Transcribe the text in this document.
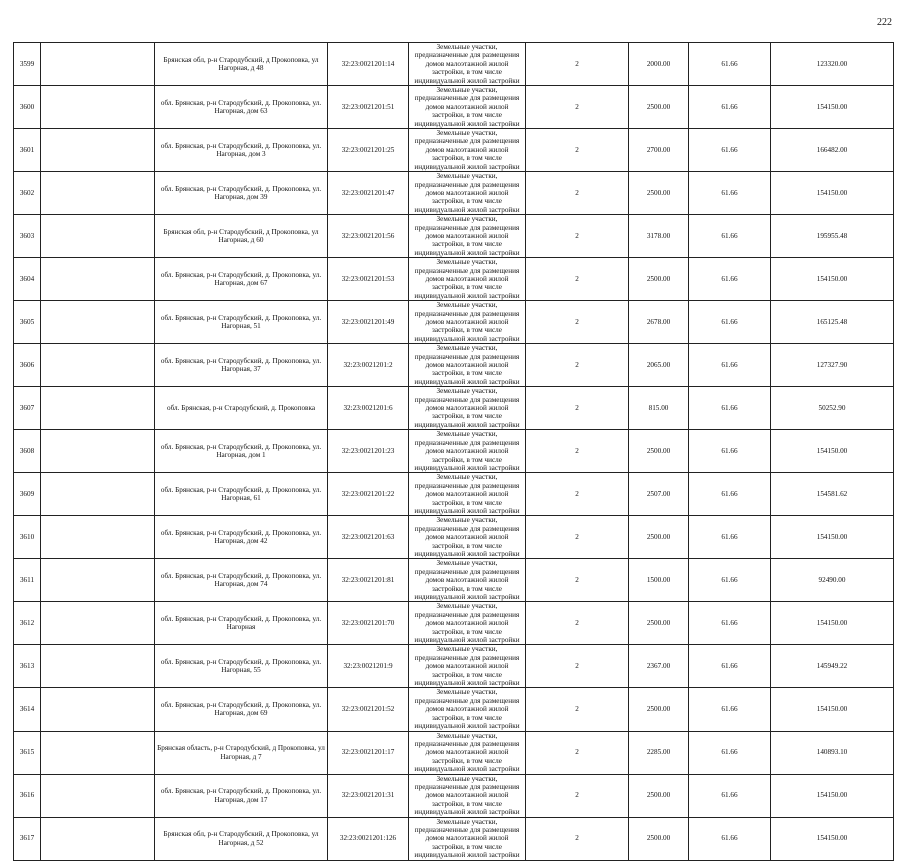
222
3599		Брянская обл, р-н Стародубский, д Прокоповка, ул Нагорная, д 48	32:23:0021201:14	Земельные участки, предназначенные для размещения домов малоэтажной жилой застройки, в том числе индивидуальной жилой застройки	2	2000.00	61.66	123320.00
3600		обл. Брянская, р-н Стародубский, д. Прокоповка, ул. Нагорная, дом 63	32:23:0021201:51	Земельные участки, предназначенные для размещения домов малоэтажной жилой застройки, в том числе индивидуальной жилой застройки	2	2500.00	61.66	154150.00
3601		обл. Брянская, р-н Стародубский, д. Прокоповка, ул. Нагорная, дом 3	32:23:0021201:25	Земельные участки, предназначенные для размещения домов малоэтажной жилой застройки, в том числе индивидуальной жилой застройки	2	2700.00	61.66	166482.00
3602		обл. Брянская, р-н Стародубский, д. Прокоповка, ул. Нагорная, дом 39	32:23:0021201:47	Земельные участки, предназначенные для размещения домов малоэтажной жилой застройки, в том числе индивидуальной жилой застройки	2	2500.00	61.66	154150.00
3603		Брянская обл, р-н Стародубский, д Прокоповка, ул Нагорная, д 60	32:23:0021201:56	Земельные участки, предназначенные для размещения домов малоэтажной жилой застройки, в том числе индивидуальной жилой застройки	2	3178.00	61.66	195955.48
3604		обл. Брянская, р-н Стародубский, д. Прокоповка, ул. Нагорная, дом 67	32:23:0021201:53	Земельные участки, предназначенные для размещения домов малоэтажной жилой застройки, в том числе индивидуальной жилой застройки	2	2500.00	61.66	154150.00
3605		обл. Брянская, р-н Стародубский, д. Прокоповка, ул. Нагорная, 51	32:23:0021201:49	Земельные участки, предназначенные для размещения домов малоэтажной жилой застройки, в том числе индивидуальной жилой застройки	2	2678.00	61.66	165125.48
3606		обл. Брянская, р-н Стародубский, д. Прокоповка, ул. Нагорная, 37	32:23:0021201:2	Земельные участки, предназначенные для размещения домов малоэтажной жилой застройки, в том числе индивидуальной жилой застройки	2	2065.00	61.66	127327.90
3607		обл. Брянская, р-н Стародубский, д. Прокоповка	32:23:0021201:6	Земельные участки, предназначенные для размещения домов малоэтажной жилой застройки, в том числе индивидуальной жилой застройки	2	815.00	61.66	50252.90
3608		обл. Брянская, р-н Стародубский, д. Прокоповка, ул. Нагорная, дом 1	32:23:0021201:23	Земельные участки, предназначенные для размещения домов малоэтажной жилой застройки, в том числе индивидуальной жилой застройки	2	2500.00	61.66	154150.00
3609		обл. Брянская, р-н Стародубский, д. Прокоповка, ул. Нагорная, 61	32:23:0021201:22	Земельные участки, предназначенные для размещения домов малоэтажной жилой застройки, в том числе индивидуальной жилой застройки	2	2507.00	61.66	154581.62
3610		обл. Брянская, р-н Стародубский, д. Прокоповка, ул. Нагорная, дом 42	32:23:0021201:63	Земельные участки, предназначенные для размещения домов малоэтажной жилой застройки, в том числе индивидуальной жилой застройки	2	2500.00	61.66	154150.00
3611		обл. Брянская, р-н Стародубский, д. Прокоповка, ул. Нагорная, дом 74	32:23:0021201:81	Земельные участки, предназначенные для размещения домов малоэтажной жилой застройки, в том числе индивидуальной жилой застройки	2	1500.00	61.66	92490.00
3612		обл. Брянская, р-н Стародубский, д. Прокоповка, ул. Нагорная	32:23:0021201:70	Земельные участки, предназначенные для размещения домов малоэтажной жилой застройки, в том числе индивидуальной жилой застройки	2	2500.00	61.66	154150.00
3613		обл. Брянская, р-н Стародубский, д. Прокоповка, ул. Нагорная, 55	32:23:0021201:9	Земельные участки, предназначенные для размещения домов малоэтажной жилой застройки, в том числе индивидуальной жилой застройки	2	2367.00	61.66	145949.22
3614		обл. Брянская, р-н Стародубский, д. Прокоповка, ул. Нагорная, дом 69	32:23:0021201:52	Земельные участки, предназначенные для размещения домов малоэтажной жилой застройки, в том числе индивидуальной жилой застройки	2	2500.00	61.66	154150.00
3615		Брянская область, р-н Стародубский, д Прокоповка, ул Нагорная, д 7	32:23:0021201:17	Земельные участки, предназначенные для размещения домов малоэтажной жилой застройки, в том числе индивидуальной жилой застройки	2	2285.00	61.66	140893.10
3616		обл. Брянская, р-н Стародубский, д. Прокоповка, ул. Нагорная, дом 17	32:23:0021201:31	Земельные участки, предназначенные для размещения домов малоэтажной жилой застройки, в том числе индивидуальной жилой застройки	2	2500.00	61.66	154150.00
3617		Брянская обл, р-н Стародубский, д Прокоповка, ул Нагорная, д 52	32:23:0021201:126	Земельные участки, предназначенные для размещения домов малоэтажной жилой застройки, в том числе индивидуальной жилой застройки	2	2500.00	61.66	154150.00
